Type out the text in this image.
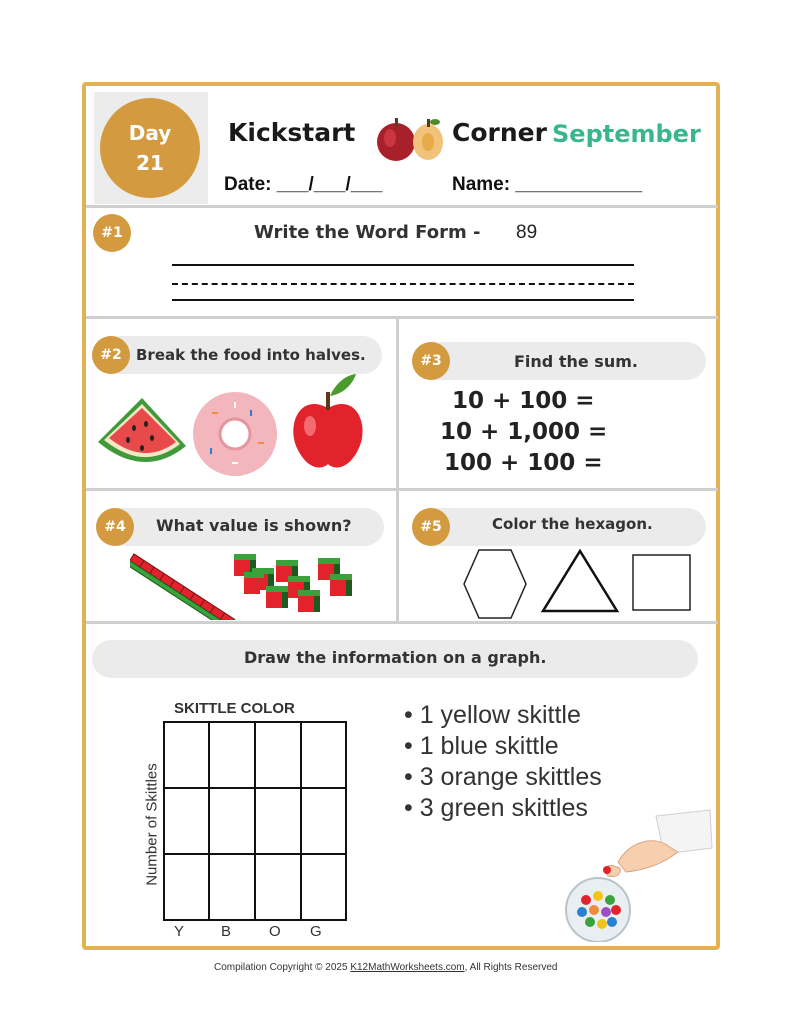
Day
21
Kickstart	Corner September
Date: ___/___/___	Name: ____________
#1	Write the Word Form - 89
#2 Break the food into halves.	#3	Find the sum.
10 + 100 =
10 + 1,000 =
100 + 100 =
#4	What value is shown?	#5	Color the hexagon.
Draw the information on a graph.
SKITTLE COLOR
Number of Skittles
Y B	O G
• 1 yellow skittle
• 1 blue skittle
• 3 orange skittles
• 3 green skittles
Compilation Copyright © 2025 K12MathWorksheets.com, All Rights Reserved
